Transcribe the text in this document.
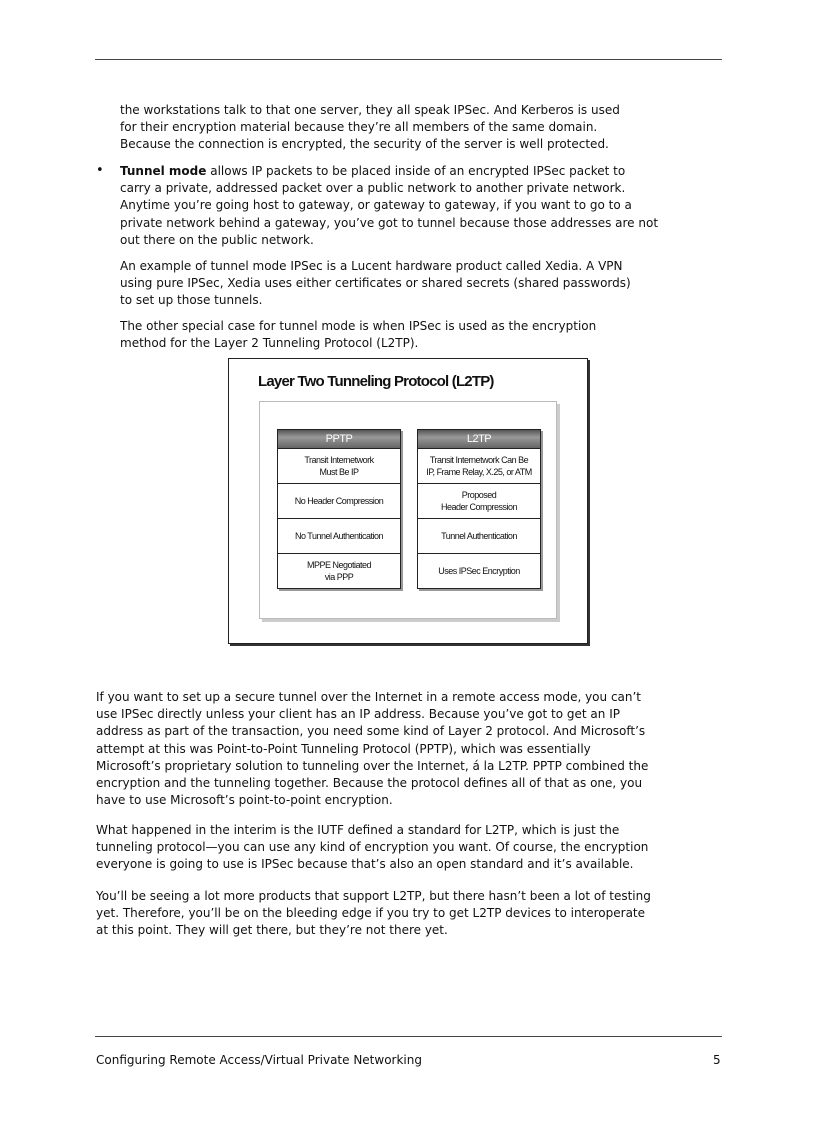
the workstations talk to that one server, they all speak IPSec. And Kerberos is used
for their encryption material because they’re all members of the same domain.
Because the connection is encrypted, the security of the server is well protected.
• Tunnel mode allows IP packets to be placed inside of an encrypted IPSec packet to
carry a private, addressed packet over a public network to another private network.
Anytime you’re going host to gateway, or gateway to gateway, if you want to go to a
private network behind a gateway, you’ve got to tunnel because those addresses are not
out there on the public network.
An example of tunnel mode IPSec is a Lucent hardware product called Xedia. A VPN
using pure IPSec, Xedia uses either certificates or shared secrets (shared passwords)
to set up those tunnels.
The other special case for tunnel mode is when IPSec is used as the encryption
method for the Layer 2 Tunneling Protocol (L2TP).
Layer Two Tunneling Protocol (L2TP)
PPTP
Transit Internetwork
Must Be IP
No Header Compression
No Tunnel Authentication
MPPE Negotiated
via PPP
L2TP
Transit Internetwork Can Be
IP, Frame Relay, X.25, or ATM
Proposed
Header Compression
Tunnel Authentication
Uses IPSec Encryption
If you want to set up a secure tunnel over the Internet in a remote access mode, you can’t
use IPSec directly unless your client has an IP address. Because you’ve got to get an IP
address as part of the transaction, you need some kind of Layer 2 protocol. And Microsoft’s
attempt at this was Point-to-Point Tunneling Protocol (PPTP), which was essentially
Microsoft’s proprietary solution to tunneling over the Internet, á la L2TP. PPTP combined the
encryption and the tunneling together. Because the protocol defines all of that as one, you
have to use Microsoft’s point-to-point encryption.
What happened in the interim is the IUTF defined a standard for L2TP, which is just the
tunneling protocol—you can use any kind of encryption you want. Of course, the encryption
everyone is going to use is IPSec because that’s also an open standard and it’s available.
You’ll be seeing a lot more products that support L2TP, but there hasn’t been a lot of testing
yet. Therefore, you’ll be on the bleeding edge if you try to get L2TP devices to interoperate
at this point. They will get there, but they’re not there yet.
Configuring Remote Access/Virtual Private Networking	5
